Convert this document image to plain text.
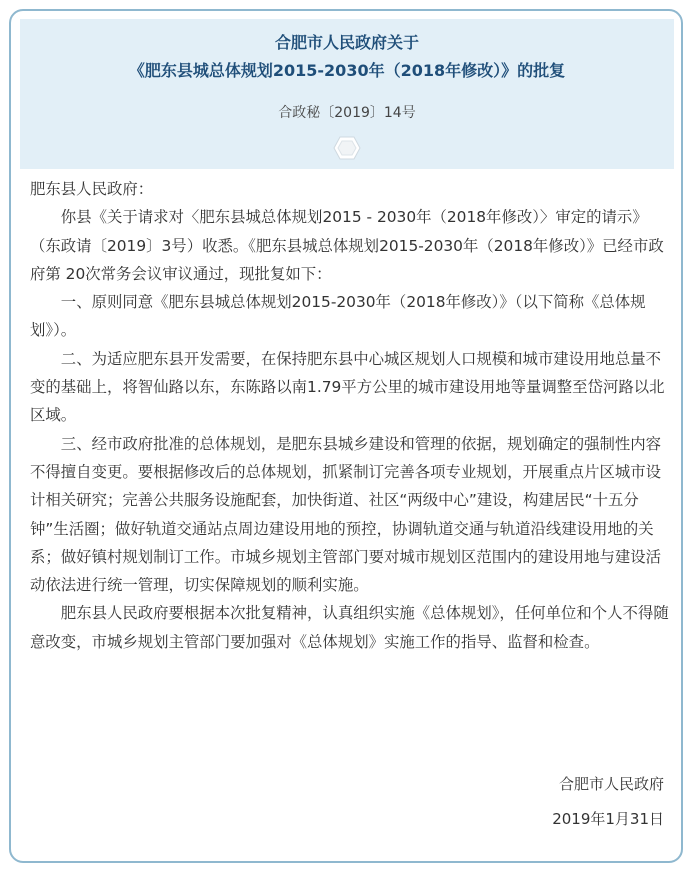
合肥市人民政府关于
《肥东县城总体规划2015-2030年（2018年修改）》的批复
合政秘〔2019〕14号

肥东县人民政府：

你县《关于请求对〈肥东县城总体规划2015 - 2030年（2018年修改）〉审定的请示》（东政请〔2019〕3号）收悉。《肥东县城总体规划2015-2030年（2018年修改）》已经市政府第 20次常务会议审议通过，现批复如下：

一、原则同意《肥东县城总体规划2015-2030年（2018年修改）》（以下简称《总体规划》）。

二、为适应肥东县开发需要，在保持肥东县中心城区规划人口规模和城市建设用地总量不变的基础上，将智仙路以东，东陈路以南1.79平方公里的城市建设用地等量调整至岱河路以北区域。

三、经市政府批准的总体规划，是肥东县城乡建设和管理的依据，规划确定的强制性内容不得擅自变更。要根据修改后的总体规划，抓紧制订完善各项专业规划，开展重点片区城市设计相关研究；完善公共服务设施配套，加快街道、社区“两级中心”建设，构建居民“十五分钟”生活圈；做好轨道交通站点周边建设用地的预控，协调轨道交通与轨道沿线建设用地的关系；做好镇村规划制订工作。市城乡规划主管部门要对城市规划区范围内的建设用地与建设活动依法进行统一管理，切实保障规划的顺利实施。

肥东县人民政府要根据本次批复精神，认真组织实施《总体规划》，任何单位和个人不得随意改变，市城乡规划主管部门要加强对《总体规划》实施工作的指导、监督和检查。

合肥市人民政府
2019年1月31日
